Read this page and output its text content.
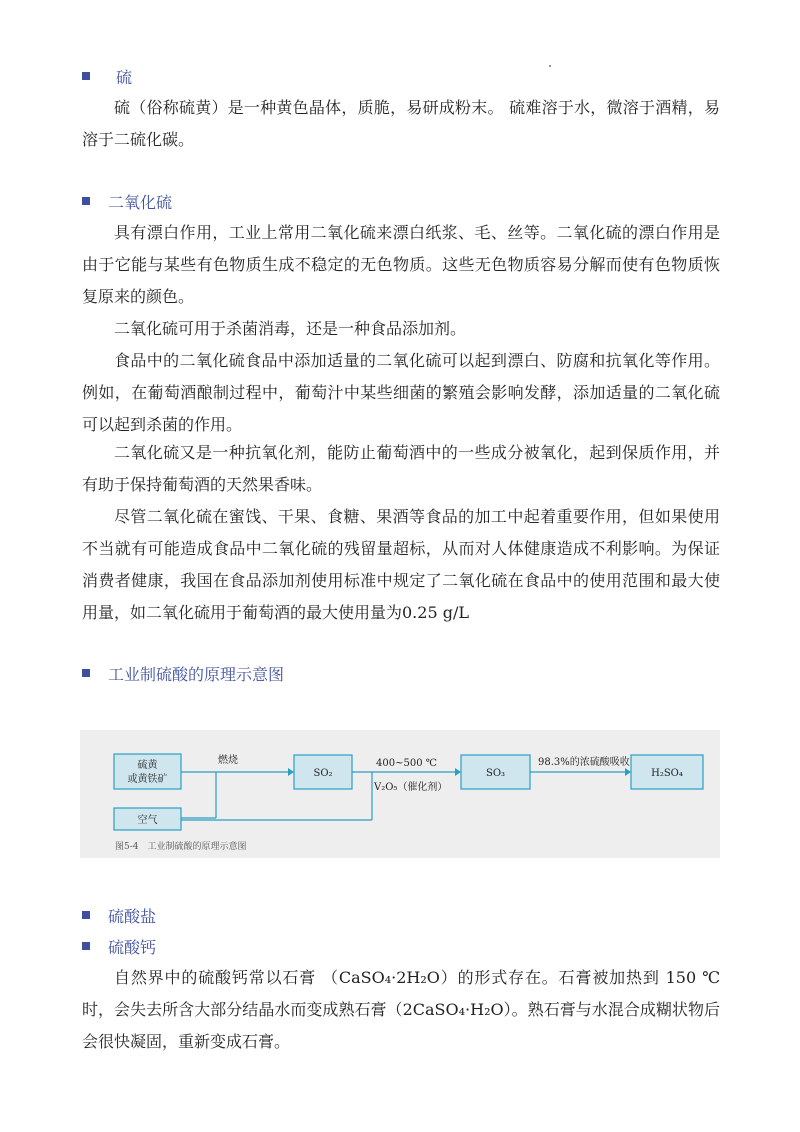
硫

硫（俗称硫黄）是一种黄色晶体，质脆，易研成粉末。 硫难溶于水，微溶于酒精，易溶于二硫化碳。

二氧化硫

具有漂白作用，工业上常用二氧化硫来漂白纸浆、毛、丝等。二氧化硫的漂白作用是由于它能与某些有色物质生成不稳定的无色物质。这些无色物质容易分解而使有色物质恢复原来的颜色。

二氧化硫可用于杀菌消毒，还是一种食品添加剂。

食品中的二氧化硫食品中添加适量的二氧化硫可以起到漂白、防腐和抗氧化等作用。例如，在葡萄酒酿制过程中，葡萄汁中某些细菌的繁殖会影响发酵，添加适量的二氧化硫可以起到杀菌的作用。

二氧化硫又是一种抗氧化剂，能防止葡萄酒中的一些成分被氧化，起到保质作用，并有助于保持葡萄酒的天然果香味。

尽管二氧化硫在蜜饯、干果、食糖、果酒等食品的加工中起着重要作用，但如果使用不当就有可能造成食品中二氧化硫的残留量超标，从而对人体健康造成不利影响。为保证消费者健康，我国在食品添加剂使用标准中规定了二氧化硫在食品中的使用范围和最大使用量，如二氧化硫用于葡萄酒的最大使用量为0.25 g/L

工业制硫酸的原理示意图
硫黄
或黄铁矿
空气
SO₂	SO₃	H₂SO₄
燃烧	400~500 ℃
V₂O₅（催化剂）
98.3%的浓硫酸吸收
图5-4　工业制硫酸的原理示意图
硫酸盐
硫酸钙

自然界中的硫酸钙常以石膏 （CaSO₄·2H₂O）的形式存在。石膏被加热到 150 ℃时，会失去所含大部分结晶水而变成熟石膏（2CaSO₄·H₂O）。熟石膏与水混合成糊状物后会很快凝固，重新变成石膏。
